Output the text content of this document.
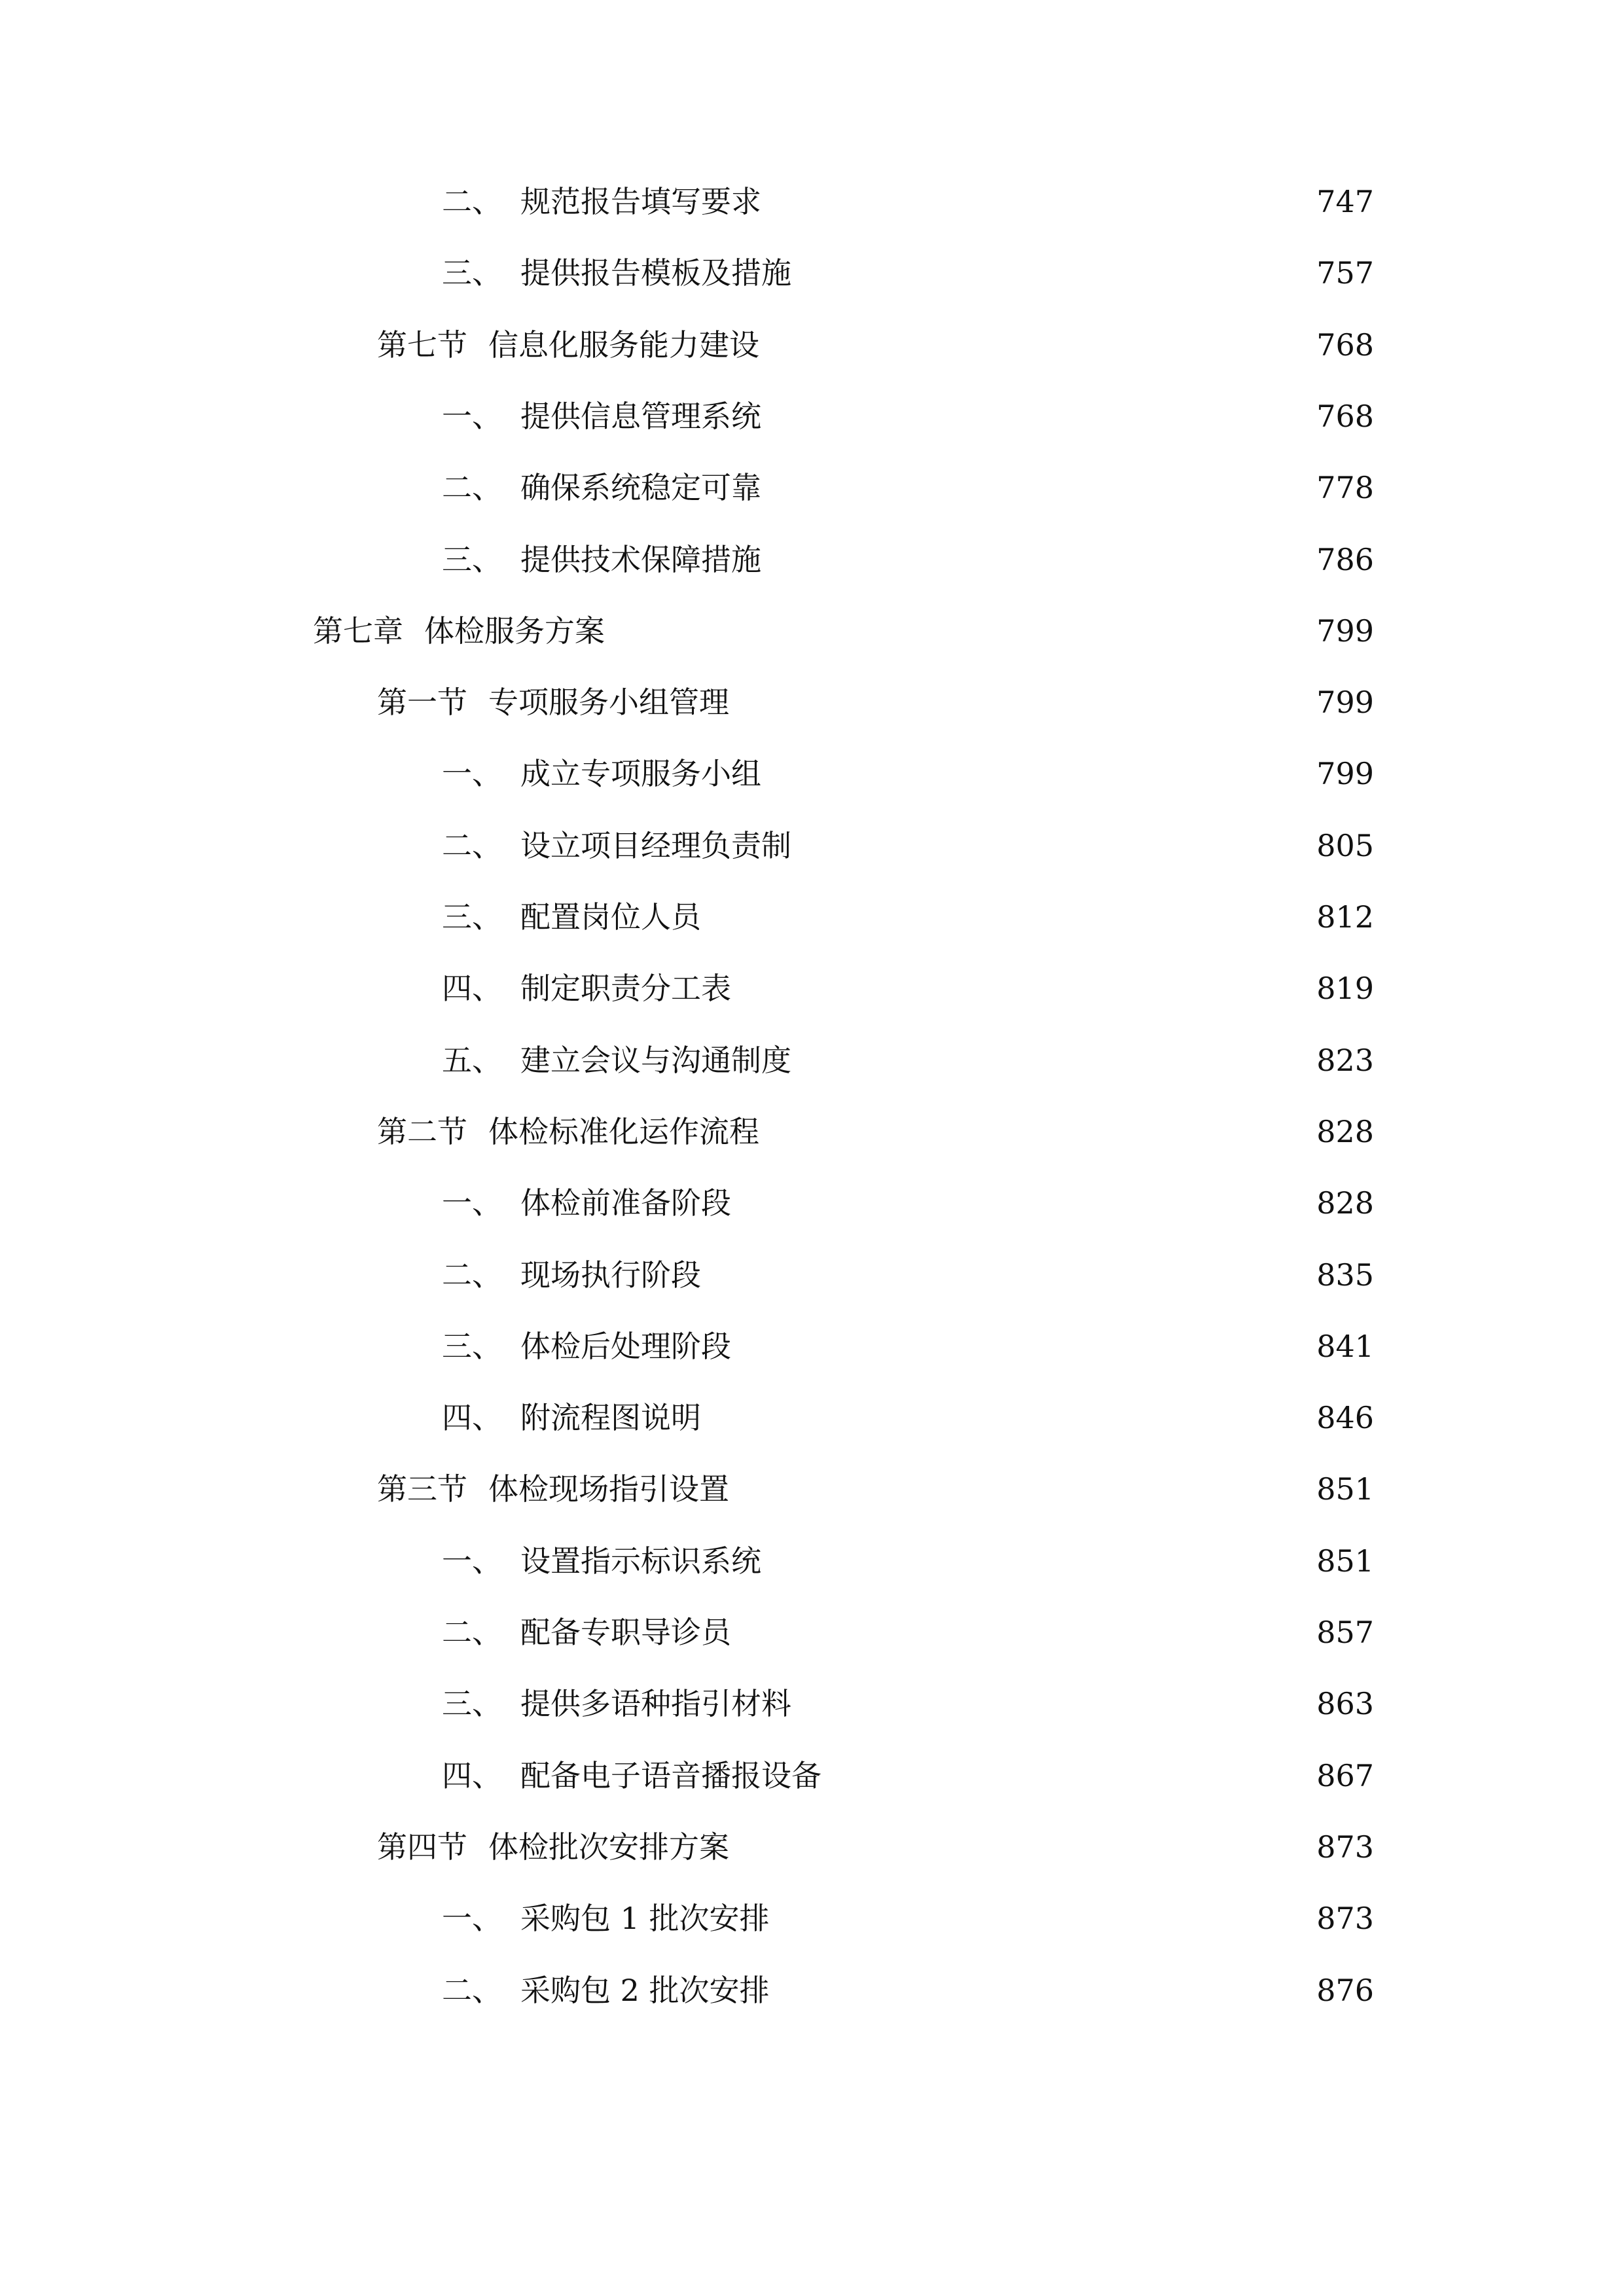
二、 规范报告填写要求	747
三、 提供报告模板及措施	757
第七节 信息化服务能力建设	768
一、 提供信息管理系统	768
二、 确保系统稳定可靠	778
三、 提供技术保障措施	786
第七章 体检服务方案	799
第一节 专项服务小组管理	799
一、 成立专项服务小组	799
二、 设立项目经理负责制	805
三、 配置岗位人员	812
四、 制定职责分工表	819
五、 建立会议与沟通制度	823
第二节 体检标准化运作流程	828
一、 体检前准备阶段	828
二、 现场执行阶段	835
三、 体检后处理阶段	841
四、 附流程图说明	846
第三节 体检现场指引设置	851
一、 设置指示标识系统	851
二、 配备专职导诊员	857
三、 提供多语种指引材料	863
四、 配备电子语音播报设备	867
第四节 体检批次安排方案	873
一、 采购包 1 批次安排	873
二、 采购包 2 批次安排	876
